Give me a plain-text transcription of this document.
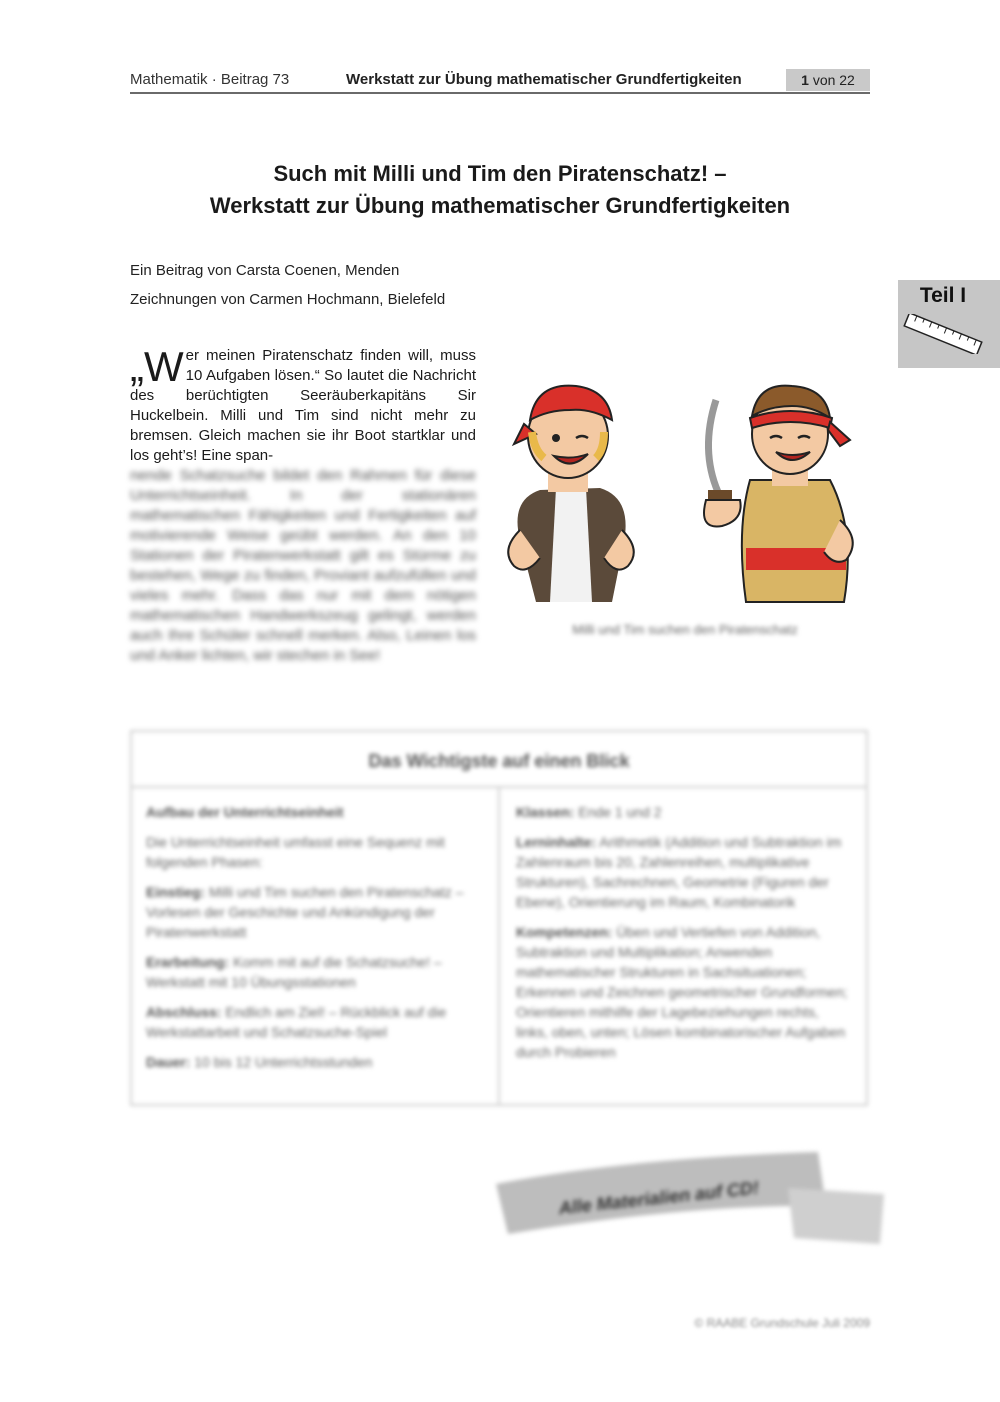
Mathematik · Beitrag 73	Werkstatt zur Übung mathematischer Grundfertigkeiten	1 von 22
Such mit Milli und Tim den Piratenschatz! –
Werkstatt zur Übung mathematischer Grundfertigkeiten
Ein Beitrag von Carsta Coenen, Menden
Zeichnungen von Carmen Hochmann, Bielefeld	Teil I
„Wer meinen Piratenschatz finden will, muss 10 Aufgaben lösen.“ So lautet die Nachricht des berüchtigten Seeräuberkapitäns Sir Huckelbein. Milli und Tim sind nicht mehr zu bremsen. Gleich machen sie ihr Boot startklar und los geht’s! Eine span-
nende Schatzsuche bildet den Rahmen für diese Unterrichtseinheit. In der stationären mathematischen Fähigkeiten und Fertigkeiten auf motivierende Weise geübt werden. An den 10 Stationen der Piratenwerkstatt gilt es Stürme zu bestehen, Wege zu finden, Proviant aufzufüllen und vieles mehr. Dass das nur mit dem nötigen mathematischen Handwerkszeug gelingt, werden auch Ihre Schüler schnell merken. Also, Leinen los und Anker lichten, wir stechen in See!
Milli und Tim suchen den Piratenschatz
Das Wichtigste auf einen Blick

Aufbau der Unterrichtseinheit

Die Unterrichtseinheit umfasst eine Sequenz mit folgenden Phasen:

Einstieg: Milli und Tim suchen den Piratenschatz – Vorlesen der Geschichte und Ankündigung der Piratenwerkstatt

Erarbeitung: Komm mit auf die Schatzsuche! – Werkstatt mit 10 Übungsstationen

Abschluss: Endlich am Ziel! – Rückblick auf die Werkstattarbeit und Schatzsuche-Spiel

Dauer: 10 bis 12 Unterrichtsstunden

Klassen: Ende 1 und 2

Lerninhalte: Arithmetik (Addition und Subtraktion im Zahlenraum bis 20, Zahlenreihen, multiplikative Strukturen), Sachrechnen, Geometrie (Figuren der Ebene), Orientierung im Raum, Kombinatorik

Kompetenzen: Üben und Vertiefen von Addition, Subtraktion und Multiplikation; Anwenden mathematischer Strukturen in Sachsituationen; Erkennen und Zeichnen geometrischer Grundformen; Orientieren mithilfe der Lagebeziehungen rechts, links, oben, unten; Lösen kombinatorischer Aufgaben durch Probieren

Alle Materialien auf CD!
© RAABE Grundschule Juli 2009
